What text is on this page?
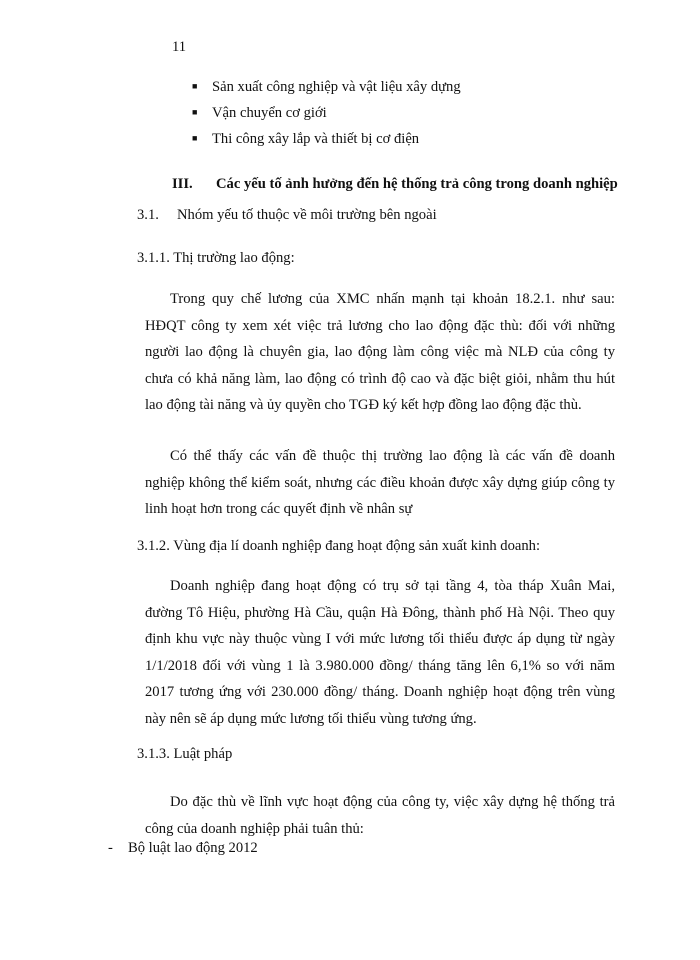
11
■ Sản xuất công nghiệp và vật liệu xây dựng
■ Vận chuyển cơ giới
■ Thi công xây lắp và thiết bị cơ điện
III. Các yếu tố ảnh hưởng đến hệ thống trả công trong doanh nghiệp
3.1. Nhóm yếu tố thuộc về môi trường bên ngoài
3.1.1. Thị trường lao động:
Trong quy chế lương của XMC nhấn mạnh tại khoản 18.2.1. như sau: HĐQT công ty xem xét việc trả lương cho lao động đặc thù: đối với những người lao động là chuyên gia, lao động làm công việc mà NLĐ của công ty chưa có khả năng làm, lao động có trình độ cao và đặc biệt giỏi, nhằm thu hút lao động tài năng và ủy quyền cho TGĐ ký kết hợp đồng lao động đặc thù.
Có thể thấy các vấn đề thuộc thị trường lao động là các vấn đề doanh nghiệp không thể kiểm soát, nhưng các điều khoản được xây dựng giúp công ty linh hoạt hơn trong các quyết định về nhân sự
3.1.2. Vùng địa lí doanh nghiệp đang hoạt động sản xuất kinh doanh:
Doanh nghiệp đang hoạt động có trụ sở tại tầng 4, tòa tháp Xuân Mai, đường Tô Hiệu, phường Hà Cầu, quận Hà Đông, thành phố Hà Nội. Theo quy định khu vực này thuộc vùng I với mức lương tối thiểu được áp dụng từ ngày 1/1/2018 đối với vùng 1 là 3.980.000 đồng/ tháng tăng lên 6,1% so với năm 2017 tương ứng với 230.000 đồng/ tháng. Doanh nghiệp hoạt động trên vùng này nên sẽ áp dụng mức lương tối thiểu vùng tương ứng.
3.1.3. Luật pháp
Do đặc thù về lĩnh vực hoạt động của công ty, việc xây dựng hệ thống trả công của doanh nghiệp phải tuân thủ:
- Bộ luật lao động 2012
